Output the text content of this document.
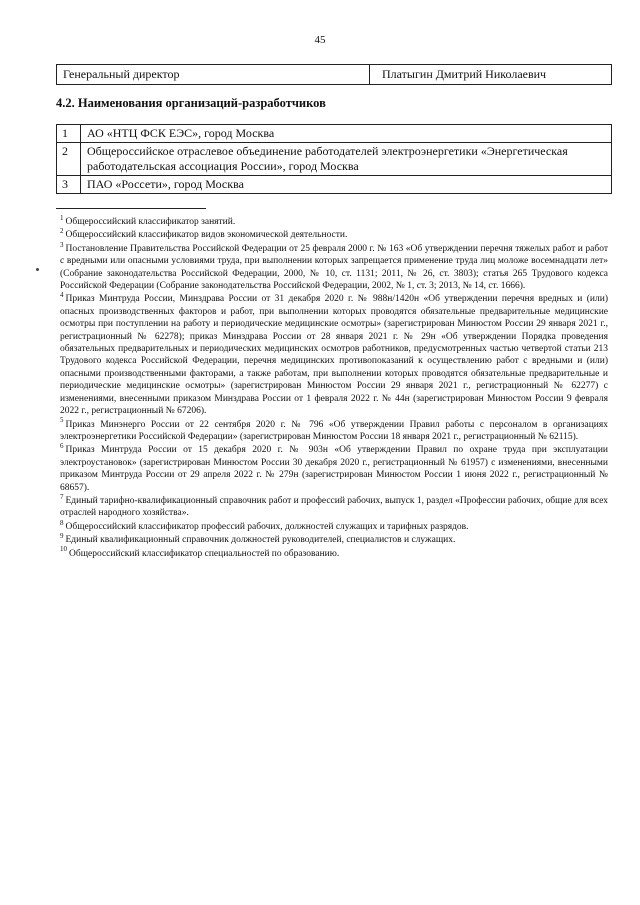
45
Генеральный директор	Платыгин Дмитрий Николаевич
4.2. Наименования организаций-разработчиков
1	АО «НТЦ ФСК ЕЭС», город Москва
2	Общероссийское отраслевое объединение работодателей электроэнергетики «Энергетическая работодательская ассоциация России», город Москва
3	ПАО «Россети», город Москва

$^1$ Общероссийский классификатор занятий.

$^2$ Общероссийский классификатор видов экономической деятельности.

$^3$ Постановление Правительства Российской Федерации от 25 февраля 2000 г. № 163 «Об утверждении перечня тяжелых работ и работ с вредными или опасными условиями труда, при выполнении которых запрещается применение труда лиц моложе восемнадцати лет» (Собрание законодательства Российской Федерации, 2000, № 10, ст. 1131; 2011, № 26, ст. 3803); статья 265 Трудового кодекса Российской Федерации (Собрание законодательства Российской Федерации, 2002, № 1, ст. 3; 2013, № 14, ст. 1666).

$^4$ Приказ Минтруда России, Минздрава России от 31 декабря 2020 г. № 988н/1420н «Об утверждении перечня вредных и (или) опасных производственных факторов и работ, при выполнении которых проводятся обязательные предварительные медицинские осмотры при поступлении на работу и периодические медицинские осмотры» (зарегистрирован Минюстом России 29 января 2021 г., регистрационный № 62278); приказ Минздрава России от 28 января 2021 г. № 29н «Об утверждении Порядка проведения обязательных предварительных и периодических медицинских осмотров работников, предусмотренных частью четвертой статьи 213 Трудового кодекса Российской Федерации, перечня медицинских противопоказаний к осуществлению работ с вредными и (или) опасными производственными факторами, а также работам, при выполнении которых проводятся обязательные предварительные и периодические медицинские осмотры» (зарегистрирован Минюстом России 29 января 2021 г., регистрационный № 62277) с изменениями, внесенными приказом Минздрава России от 1 февраля 2022 г. № 44н (зарегистрирован Минюстом России 9 февраля 2022 г., регистрационный № 67206).

$^5$ Приказ Минэнерго России от 22 сентября 2020 г. № 796 «Об утверждении Правил работы с персоналом в организациях электроэнергетики Российской Федерации» (зарегистрирован Минюстом России 18 января 2021 г., регистрационный № 62115).

$^6$ Приказ Минтруда России от 15 декабря 2020 г. № 903н «Об утверждении Правил по охране труда при эксплуатации электроустановок» (зарегистрирован Минюстом России 30 декабря 2020 г., регистрационный № 61957) с изменениями, внесенными приказом Минтруда России от 29 апреля 2022 г. № 279н (зарегистрирован Минюстом России 1 июня 2022 г., регистрационный № 68657).

$^7$ Единый тарифно-квалификационный справочник работ и профессий рабочих, выпуск 1, раздел «Профессии рабочих, общие для всех отраслей народного хозяйства».

$^8$ Общероссийский классификатор профессий рабочих, должностей служащих и тарифных разрядов.

$^9$ Единый квалификационный справочник должностей руководителей, специалистов и служащих.

$^{10}$ Общероссийский классификатор специальностей по образованию.
